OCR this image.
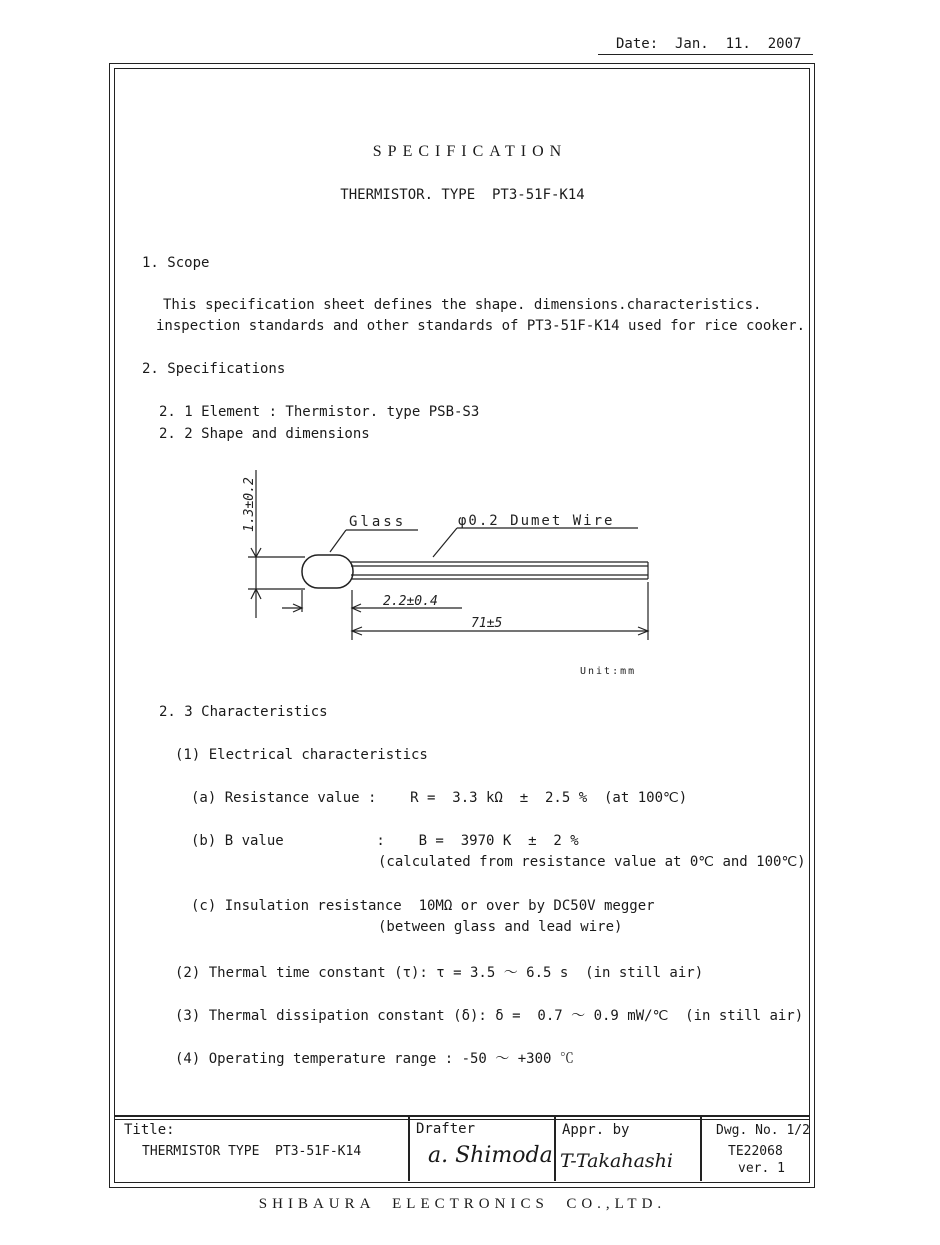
Date:  Jan.  11.  2007
SPECIFICATION
THERMISTOR. TYPE  PT3-51F-K14
1. Scope
This specification sheet defines the shape. dimensions.characteristics.
inspection standards and other standards of PT3-51F-K14 used for rice cooker.
2. Specifications
2. 1 Element : Thermistor. type PSB-S3
2. 2 Shape and dimensions
1.3±0.2	Glass	φ0.2 Dumet Wire
2.2±0.4
71±5
Unit:mm
2. 3 Characteristics
(1) Electrical characteristics
(a) Resistance value :    R =  3.3 kΩ  ±  2.5 %  (at 100℃)
(b) B value           :    B =  3970 K  ±  2 %
(calculated from resistance value at 0℃ and 100℃)
(c) Insulation resistance  10MΩ or over by DC50V megger
(between glass and lead wire)
(2) Thermal time constant (τ): τ = 3.5 ～ 6.5 s  (in still air)
(3) Thermal dissipation constant (δ): δ =  0.7 ～ 0.9 mW/℃  (in still air)
(4) Operating temperature range : -50 ～ +300 ℃
Title:
THERMISTOR TYPE  PT3-51F-K14
Drafter
a. Shimoda
Appr. by
T-Takahashi
Dwg. No. 1/2
TE22068
ver. 1
SHIBAURA  ELECTRONICS  CO.,LTD.
